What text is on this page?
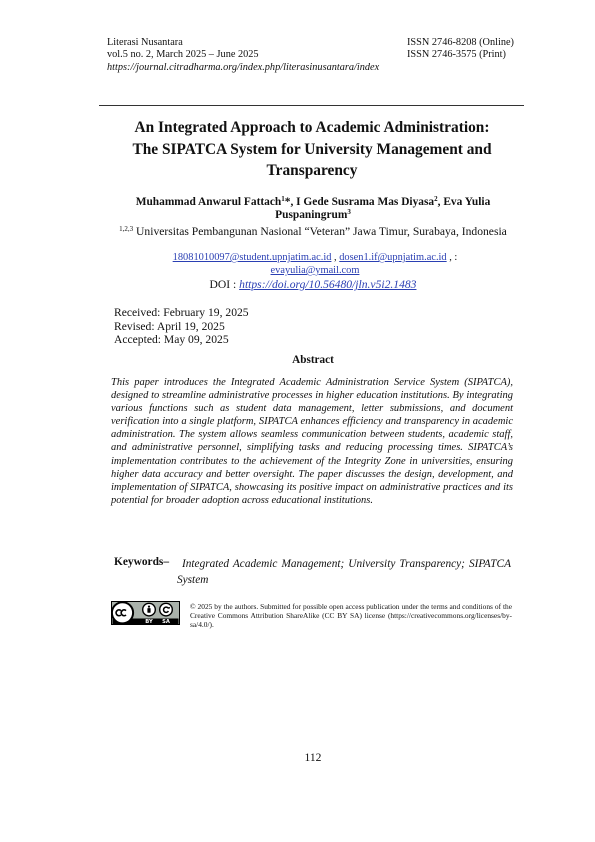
Literasi Nusantara
vol.5 no. 2, March 2025 – June 2025
https://journal.citradharma.org/index.php/literasinusantara/index
ISSN 2746-8208 (Online)
ISSN 2746-3575 (Print)
An Integrated Approach to Academic Administration:
The SIPATCA System for University Management and
Transparency
Muhammad Anwarul Fattach$^1$*, I Gede Susrama Mas Diyasa$^2$, Eva Yulia Puspaningrum$^3$
$^{1,2,3}$ Universitas Pembangunan Nasional “Veteran” Jawa Timur, Surabaya, Indonesia
18081010097@student.upnjatim.ac.id , dosen1.if@upnjatim.ac.id , :
evayulia@ymail.com
DOI : https://doi.org/10.56480/jln.v5i2.1483
Received: February 19, 2025
Revised: April 19, 2025
Accepted: May 09, 2025
Abstract
This paper introduces the Integrated Academic Administration Service System (SIPATCA), designed to streamline administrative processes in higher education institutions. By integrating various functions such as student data management, letter submissions, and document verification into a single platform, SIPATCA enhances efficiency and transparency in academic administration. The system allows seamless communication between students, academic staff, and administrative personnel, simplifying tasks and reducing processing times. SIPATCA’s implementation contributes to the achievement of the Integrity Zone in universities, ensuring higher data accuracy and better oversight. The paper discusses the design, development, and implementation of SIPATCA, showcasing its positive impact on administrative practices and its potential for broader adoption across educational institutions.
Keywords–	Integrated Academic Management; University Transparency; SIPATCA System
BY SA
© 2025 by the authors. Submitted for possible open access publication under the terms and conditions of the Creative Commons Attribution ShareAlike (CC BY SA) license (https://creativecommons.org/licenses/by-sa/4.0/).
112
